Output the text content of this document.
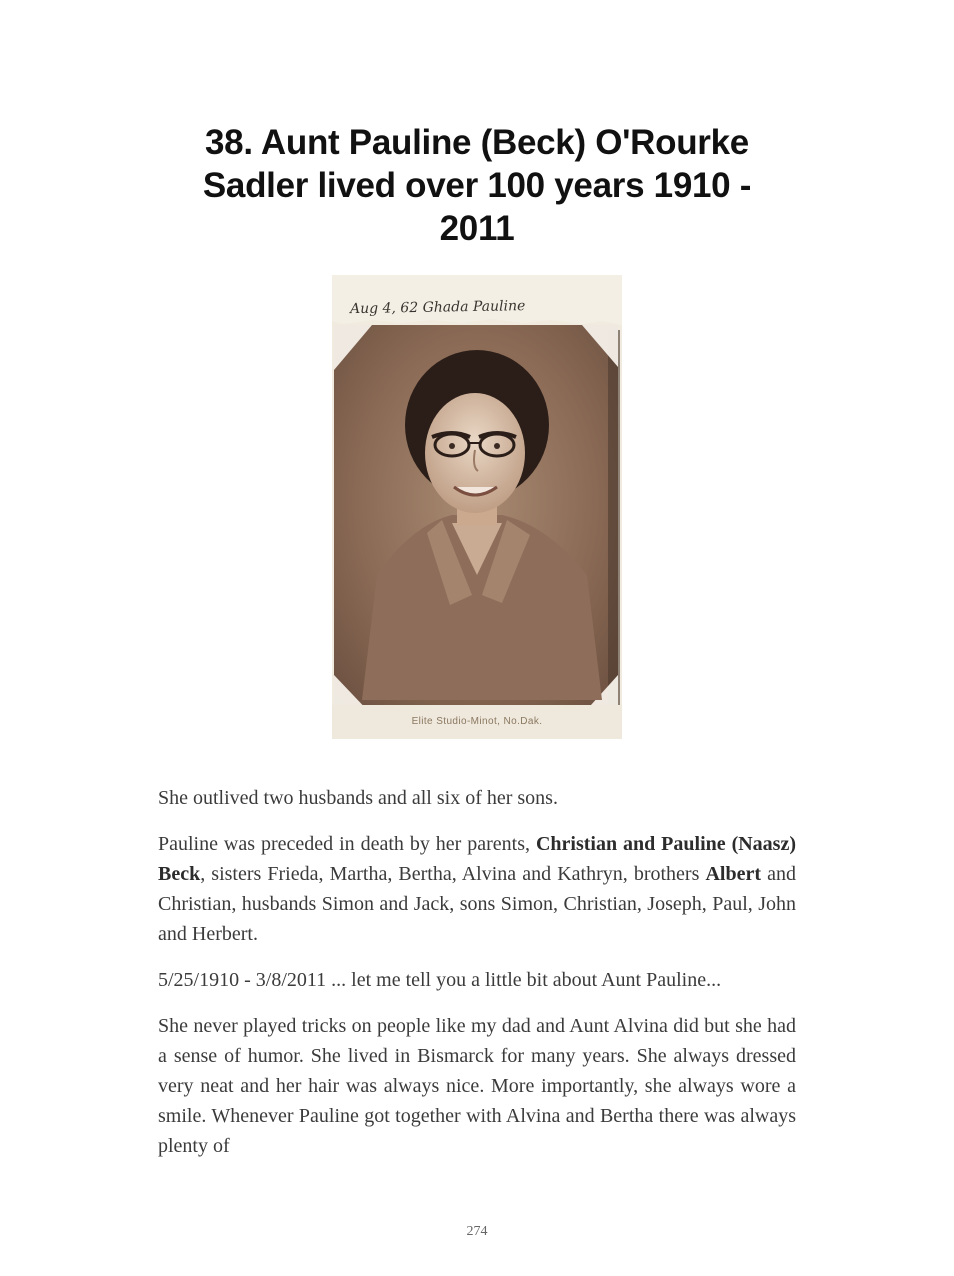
38. Aunt Pauline (Beck) O'Rourke
Sadler lived over 100 years 1910 -
2011
Aug 4, 62 Ghada Pauline
Elite Studio-Minot, No.Dak.

She outlived two husbands and all six of her sons.

Pauline was preceded in death by her parents, Christian and Pauline (Naasz) Beck, sisters Frieda, Martha, Bertha, Alvina and Kathryn, brothers Albert and Christian, husbands Simon and Jack, sons Simon, Christian, Joseph, Paul, John and Herbert.

5/25/1910 - 3/8/2011 ... let me tell you a little bit about Aunt Pauline...

She never played tricks on people like my dad and Aunt Alvina did but she had a sense of humor. She lived in Bismarck for many years. She always dressed very neat and her hair was always nice. More importantly, she always wore a smile. Whenever Pauline got together with Alvina and Bertha there was always plenty of

274
